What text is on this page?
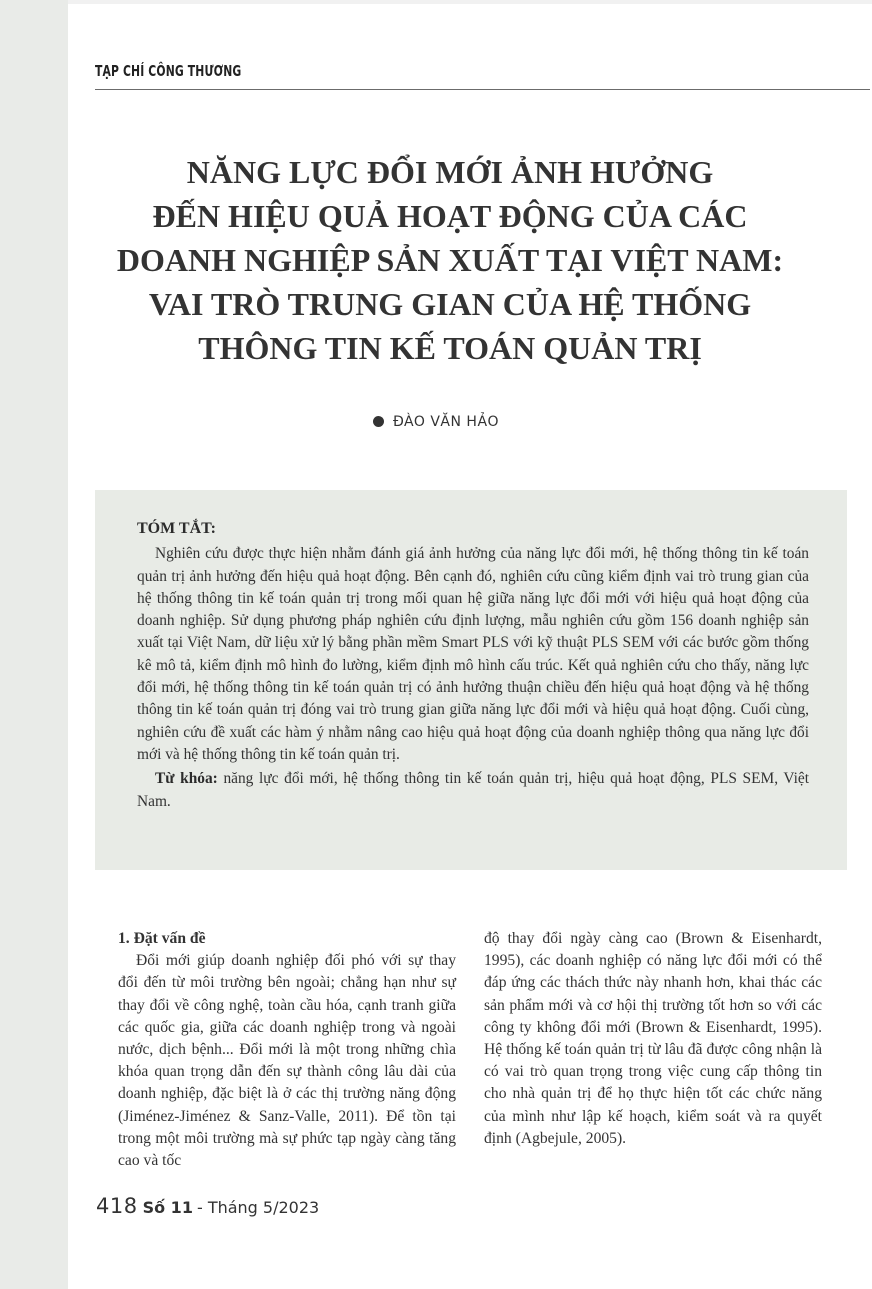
TẠP CHÍ CÔNG THƯƠNG
NĂNG LỰC ĐỔI MỚI ẢNH HƯỞNG
ĐẾN HIỆU QUẢ HOẠT ĐỘNG CỦA CÁC
DOANH NGHIỆP SẢN XUẤT TẠI VIỆT NAM:
VAI TRÒ TRUNG GIAN CỦA HỆ THỐNG
THÔNG TIN KẾ TOÁN QUẢN TRỊ
ĐÀO VĂN HẢO
TÓM TẮT:

Nghiên cứu được thực hiện nhằm đánh giá ảnh hưởng của năng lực đổi mới, hệ thống thông tin kế toán quản trị ảnh hưởng đến hiệu quả hoạt động. Bên cạnh đó, nghiên cứu cũng kiểm định vai trò trung gian của hệ thống thông tin kế toán quản trị trong mối quan hệ giữa năng lực đổi mới với hiệu quả hoạt động của doanh nghiệp. Sử dụng phương pháp nghiên cứu định lượng, mẫu nghiên cứu gồm 156 doanh nghiệp sản xuất tại Việt Nam, dữ liệu xử lý bằng phần mềm Smart PLS với kỹ thuật PLS SEM với các bước gồm thống kê mô tả, kiểm định mô hình đo lường, kiểm định mô hình cấu trúc. Kết quả nghiên cứu cho thấy, năng lực đổi mới, hệ thống thông tin kế toán quản trị có ảnh hưởng thuận chiều đến hiệu quả hoạt động và hệ thống thông tin kế toán quản trị đóng vai trò trung gian giữa năng lực đổi mới và hiệu quả hoạt động. Cuối cùng, nghiên cứu đề xuất các hàm ý nhằm nâng cao hiệu quả hoạt động của doanh nghiệp thông qua năng lực đổi mới và hệ thống thông tin kế toán quản trị.

Từ khóa: năng lực đổi mới, hệ thống thông tin kế toán quản trị, hiệu quả hoạt động, PLS SEM, Việt Nam.

1. Đặt vấn đề

Đổi mới giúp doanh nghiệp đối phó với sự thay đổi đến từ môi trường bên ngoài; chẳng hạn như sự thay đổi về công nghệ, toàn cầu hóa, cạnh tranh giữa các quốc gia, giữa các doanh nghiệp trong và ngoài nước, dịch bệnh... Đổi mới là một trong những chìa khóa quan trọng dẫn đến sự thành công lâu dài của doanh nghiệp, đặc biệt là ở các thị trường năng động (Jiménez-Jiménez & Sanz-Valle, 2011). Để tồn tại trong một môi trường mà sự phức tạp ngày càng tăng cao và tốc

độ thay đổi ngày càng cao (Brown & Eisenhardt, 1995), các doanh nghiệp có năng lực đổi mới có thể đáp ứng các thách thức này nhanh hơn, khai thác các sản phẩm mới và cơ hội thị trường tốt hơn so với các công ty không đổi mới (Brown & Eisenhardt, 1995). Hệ thống kế toán quản trị từ lâu đã được công nhận là có vai trò quan trọng trong việc cung cấp thông tin cho nhà quản trị để họ thực hiện tốt các chức năng của mình như lập kế hoạch, kiểm soát và ra quyết định (Agbejule, 2005).

418 Số 11 - Tháng 5/2023
